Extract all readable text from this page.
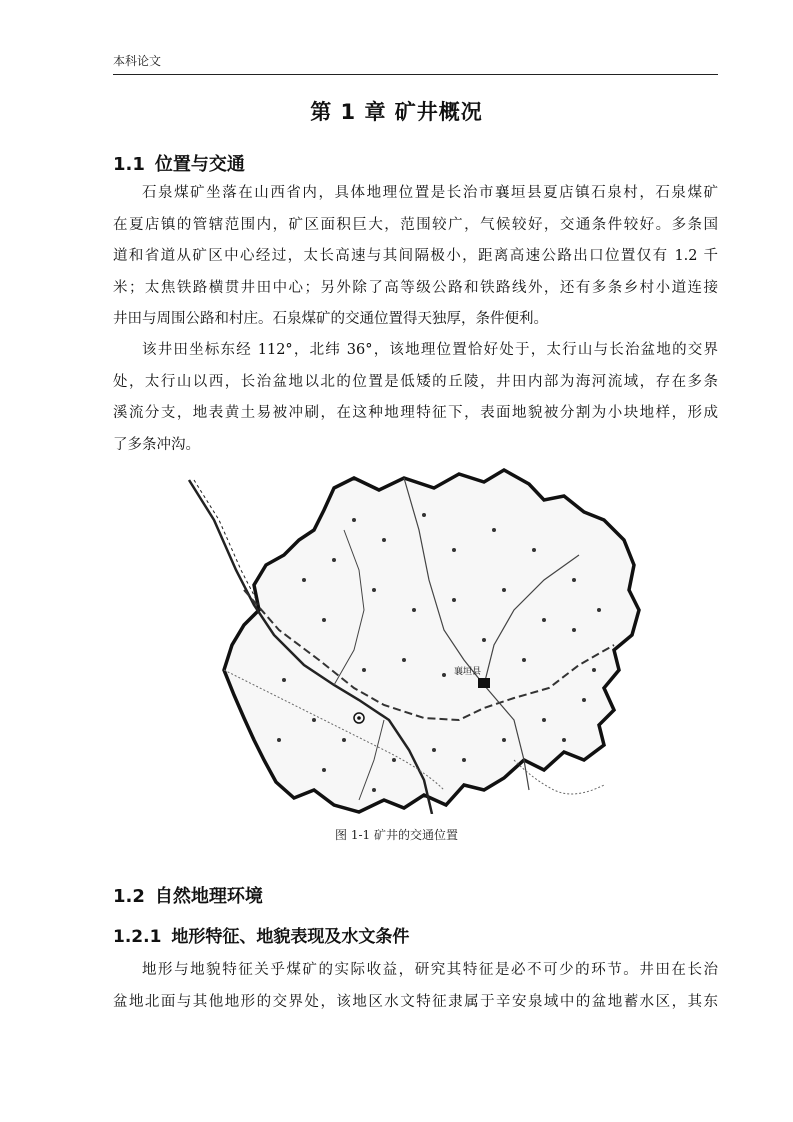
本科论文
第 1 章 矿井概况
1.1 位置与交通
石泉煤矿坐落在山西省内，具体地理位置是长治市襄垣县夏店镇石泉村，石泉煤矿
在夏店镇的管辖范围内，矿区面积巨大，范围较广，气候较好，交通条件较好。多条国
道和省道从矿区中心经过，太长高速与其间隔极小，距离高速公路出口位置仅有 1.2 千
米；太焦铁路横贯井田中心；另外除了高等级公路和铁路线外，还有多条乡村小道连接
井田与周围公路和村庄。石泉煤矿的交通位置得天独厚，条件便利。
该井田坐标东经 112°，北纬 36°，该地理位置恰好处于，太行山与长治盆地的交界
处，太行山以西，长治盆地以北的位置是低矮的丘陵，井田内部为海河流域，存在多条
溪流分支，地表黄土易被冲刷，在这种地理特征下，表面地貌被分割为小块地样，形成
了多条冲沟。
襄垣县
图 1-1 矿井的交通位置
1.2 自然地理环境
1.2.1 地形特征、地貌表现及水文条件
地形与地貌特征关乎煤矿的实际收益，研究其特征是必不可少的环节。井田在长治
盆地北面与其他地形的交界处，该地区水文特征隶属于辛安泉域中的盆地蓄水区，其东
